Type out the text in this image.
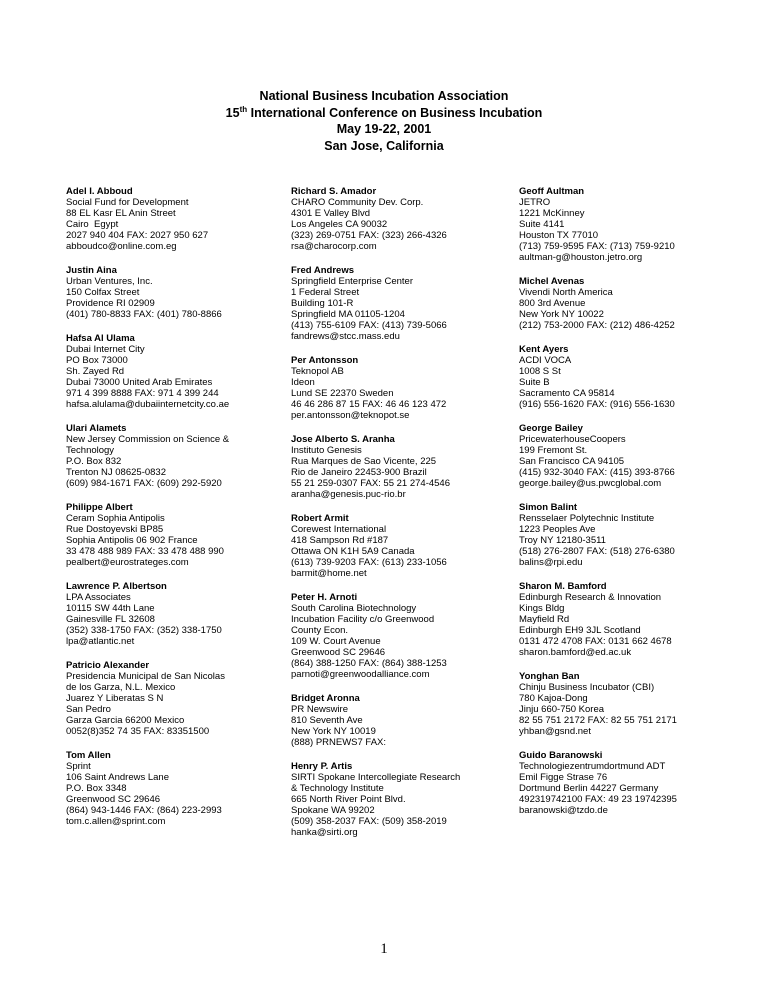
National Business Incubation Association
15th International Conference on Business Incubation
May 19-22, 2001
San Jose, California
Adel I. Abboud
Social Fund for Development
88 EL Kasr EL Anin Street
Cairo  Egypt
2027 940 404 FAX: 2027 950 627
abboudco@online.com.eg
Justin Aina
Urban Ventures, Inc.
150 Colfax Street
Providence RI 02909
(401) 780-8833 FAX: (401) 780-8866
Hafsa Al Ulama
Dubai Internet City
PO Box 73000
Sh. Zayed Rd
Dubai 73000 United Arab Emirates
971 4 399 8888 FAX: 971 4 399 244
hafsa.alulama@dubaiinternetcity.co.ae
Ulari Alamets
New Jersey Commission on Science &
Technology
P.O. Box 832
Trenton NJ 08625-0832
(609) 984-1671 FAX: (609) 292-5920
Philippe Albert
Ceram Sophia Antipolis
Rue Dostoyevski BP85
Sophia Antipolis 06 902 France
33 478 488 989 FAX: 33 478 488 990
pealbert@eurostrateges.com
Lawrence P. Albertson
LPA Associates
10115 SW 44th Lane
Gainesville FL 32608
(352) 338-1750 FAX: (352) 338-1750
lpa@atlantic.net
Patricio Alexander
Presidencia Municipal de San Nicolas
de los Garza, N.L. Mexico
Juarez Y Liberatas S N
San Pedro
Garza Garcia 66200 Mexico
0052(8)352 74 35 FAX: 83351500
Tom Allen
Sprint
106 Saint Andrews Lane
P.O. Box 3348
Greenwood SC 29646
(864) 943-1446 FAX: (864) 223-2993
tom.c.allen@sprint.com
Richard S. Amador
CHARO Community Dev. Corp.
4301 E Valley Blvd
Los Angeles CA 90032
(323) 269-0751 FAX: (323) 266-4326
rsa@charocorp.com
Fred Andrews
Springfield Enterprise Center
1 Federal Street
Building 101-R
Springfield MA 01105-1204
(413) 755-6109 FAX: (413) 739-5066
fandrews@stcc.mass.edu
Per Antonsson
Teknopol AB
Ideon
Lund SE 22370 Sweden
46 46 286 87 15 FAX: 46 46 123 472
per.antonsson@teknopot.se
Jose Alberto S. Aranha
Instituto Genesis
Rua Marques de Sao Vicente, 225
Rio de Janeiro 22453-900 Brazil
55 21 259-0307 FAX: 55 21 274-4546
aranha@genesis.puc-rio.br
Robert Armit
Corewest International
418 Sampson Rd #187
Ottawa ON K1H 5A9 Canada
(613) 739-9203 FAX: (613) 233-1056
barmit@home.net
Peter H. Arnoti
South Carolina Biotechnology
Incubation Facility c/o Greenwood
County Econ.
109 W. Court Avenue
Greenwood SC 29646
(864) 388-1250 FAX: (864) 388-1253
parnoti@greenwoodalliance.com
Bridget Aronna
PR Newswire
810 Seventh Ave
New York NY 10019
(888) PRNEWS7 FAX:
Henry P. Artis
SIRTI Spokane Intercollegiate Research
& Technology Institute
665 North River Point Blvd.
Spokane WA 99202
(509) 358-2037 FAX: (509) 358-2019
hanka@sirti.org
Geoff Aultman
JETRO
1221 McKinney
Suite 4141
Houston TX 77010
(713) 759-9595 FAX: (713) 759-9210
aultman-g@houston.jetro.org
Michel Avenas
Vivendi North America
800 3rd Avenue
New York NY 10022
(212) 753-2000 FAX: (212) 486-4252
Kent Ayers
ACDI VOCA
1008 S St
Suite B
Sacramento CA 95814
(916) 556-1620 FAX: (916) 556-1630
George Bailey
PricewaterhouseCoopers
199 Fremont St.
San Francisco CA 94105
(415) 932-3040 FAX: (415) 393-8766
george.bailey@us.pwcglobal.com
Simon Balint
Rensselaer Polytechnic Institute
1223 Peoples Ave
Troy NY 12180-3511
(518) 276-2807 FAX: (518) 276-6380
balins@rpi.edu
Sharon M. Bamford
Edinburgh Research & Innovation
Kings Bldg
Mayfield Rd
Edinburgh EH9 3JL Scotland
0131 472 4708 FAX: 0131 662 4678
sharon.bamford@ed.ac.uk
Yonghan Ban
Chinju Business Incubator (CBI)
780 Kajoa-Dong
Jinju 660-750 Korea
82 55 751 2172 FAX: 82 55 751 2171
yhban@gsnd.net
Guido Baranowski
Technologiezentrumdortmund ADT
Emil Figge Strase 76
Dortmund Berlin 44227 Germany
492319742100 FAX: 49 23 19742395
baranowski@tzdo.de
1
